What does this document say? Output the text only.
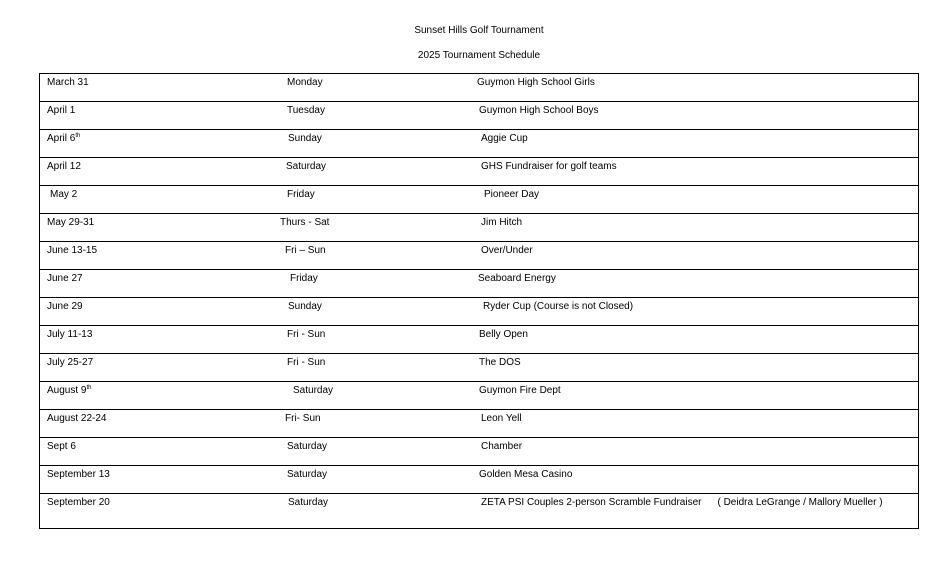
Sunset Hills Golf Tournament
2025 Tournament Schedule
March 31	Monday	Guymon High School Girls
April 1	Tuesday	Guymon High School Boys
April 6th	Sunday	Aggie Cup
April 12	Saturday	GHS Fundraiser for golf teams
May 2	Friday	Pioneer Day
May 29-31	Thurs - Sat	Jim Hitch
June 13-15	Fri – Sun	Over/Under
June 27	Friday	Seaboard Energy
June 29	Sunday	Ryder Cup (Course is not Closed)
July 11-13	Fri - Sun	Belly Open
July 25-27	Fri - Sun	The DOS
August 9th	Saturday	Guymon Fire Dept
August 22-24	Fri- Sun	Leon Yell
Sept 6	Saturday	Chamber
September 13	Saturday	Golden Mesa Casino
September 20	Saturday	ZETA PSI Couples 2-person Scramble Fundraiser ( Deidra LeGrange / Mallory Mueller )
